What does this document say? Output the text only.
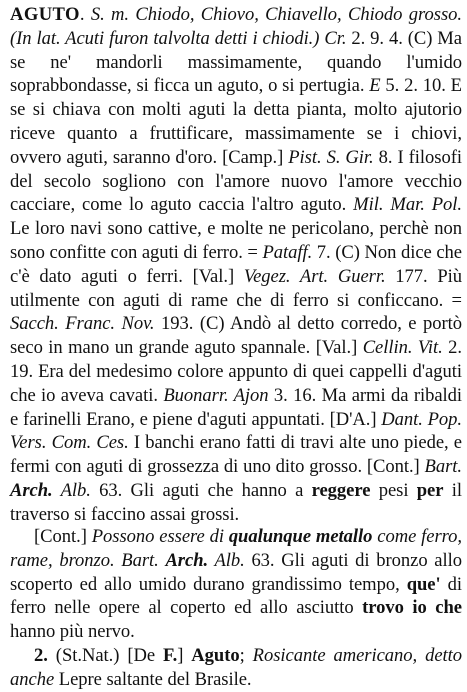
AGUTO. S. m. Chiodo, Chiovo, Chiavello, Chiodo grosso. (In lat. Acuti furon talvolta detti i chiodi.) Cr. 2. 9. 4. (C) Ma se ne' mandorli massimamente, quando l'umido soprabbondasse, si ficca un aguto, o si pertugia. E 5. 2. 10. E se si chiava con molti aguti la detta pianta, molto ajutorio riceve quanto a fruttificare, massimamente se i chiovi, ovvero aguti, saranno d'oro. [Camp.] Pist. S. Gir. 8. I filosofi del secolo sogliono con l'amore nuovo l'amore vecchio cacciare, come lo aguto caccia l'altro aguto. Mil. Mar. Pol. Le loro navi sono cattive, e molte ne pericolano, perchè non sono confitte con aguti di ferro. = Pataff. 7. (C) Non dice che c'è dato aguti o ferri. [Val.] Vegez. Art. Guerr. 177. Più utilmente con aguti di rame che di ferro si conficcano. = Sacch. Franc. Nov. 193. (C) Andò al detto corredo, e portò seco in mano un grande aguto spannale. [Val.] Cellin. Vit. 2. 19. Era del medesimo colore appunto di quei cappelli d'aguti che io aveva cavati. Buonarr. Ajon 3. 16. Ma armi da ribaldi e farinelli Erano, e piene d'aguti appuntati. [D'A.] Dant. Pop. Vers. Com. Ces. I banchi erano fatti di travi alte uno piede, e fermi con aguti di grossezza di uno dito grosso. [Cont.] Bart. Arch. Alb. 63. Gli aguti che hanno a reggere pesi per il traverso si faccino assai grossi.
[Cont.] Possono essere di qualunque metallo come ferro, rame, bronzo. Bart. Arch. Alb. 63. Gli aguti di bronzo allo scoperto ed allo umido durano grandissimo tempo, que' di ferro nelle opere al coperto ed allo asciutto trovo io che hanno più nervo.
2. (St.Nat.) [De F.] Aguto; Rosicante americano, detto anche Lepre saltante del Brasile.
